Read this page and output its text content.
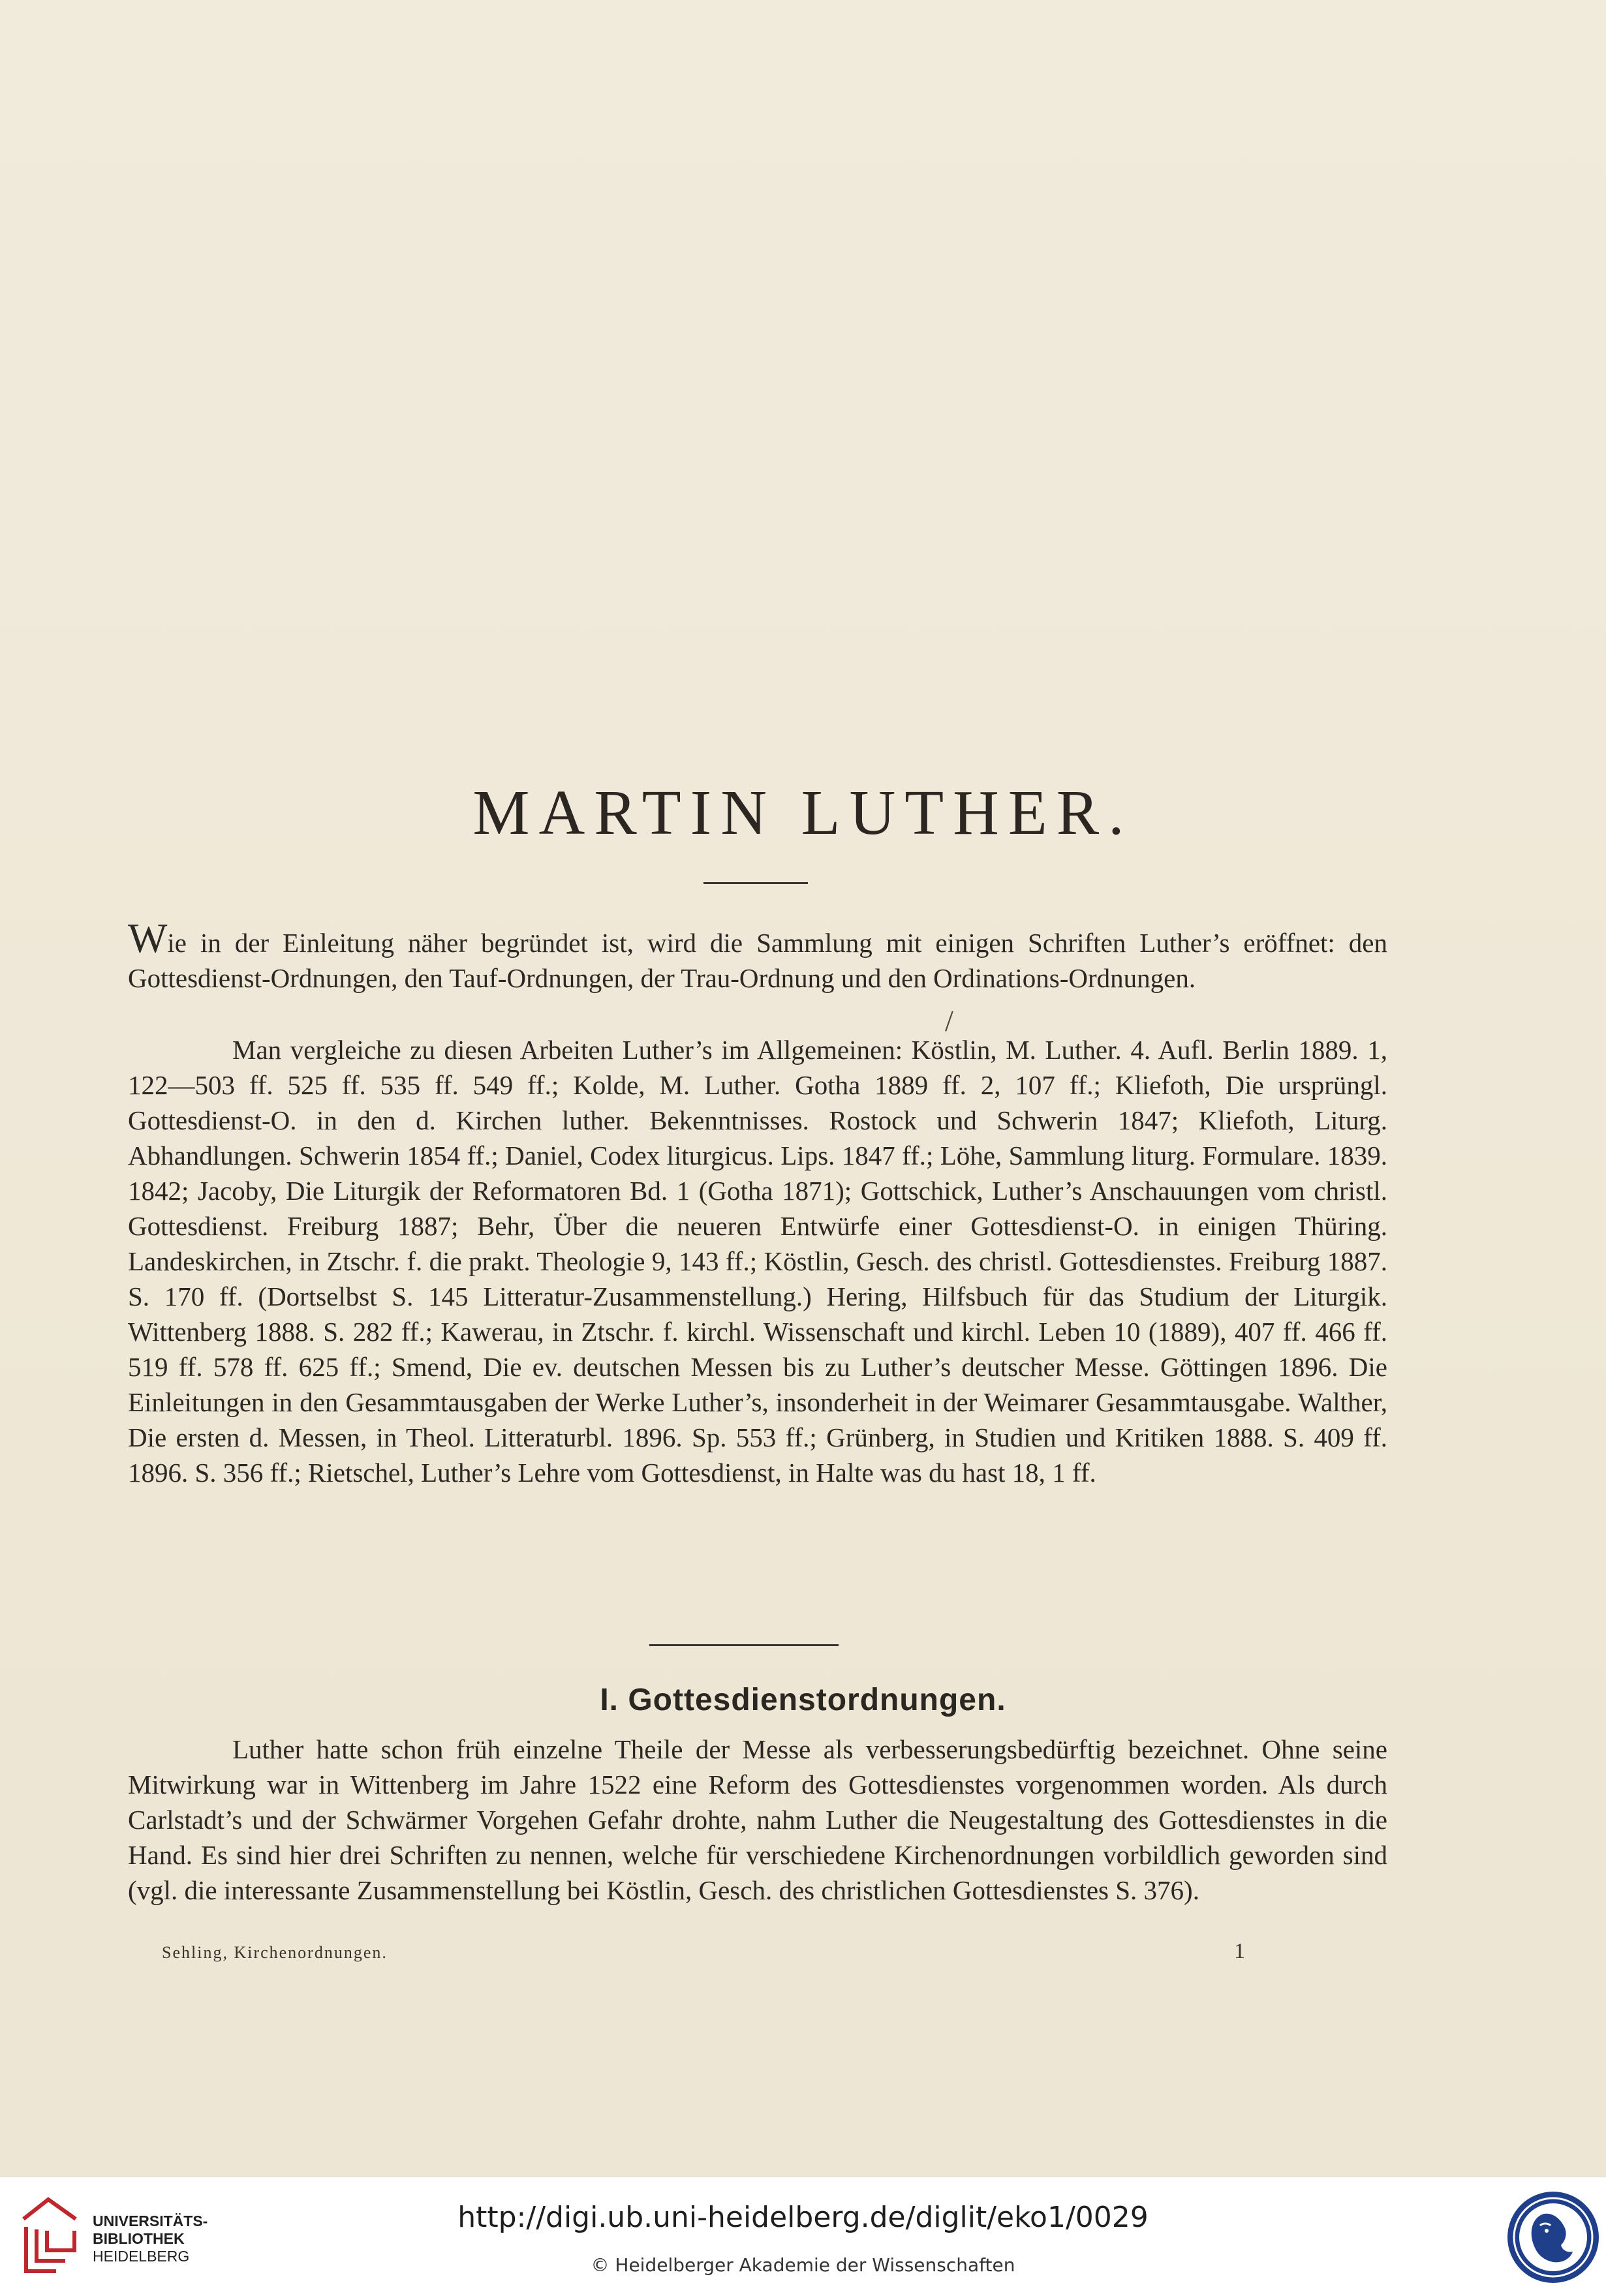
MARTIN LUTHER.

Wie in der Einleitung näher begründet ist, wird die Sammlung mit einigen Schriften Luther’s eröffnet: den Gottesdienst-Ordnungen, den Tauf-Ordnungen, der Trau-Ordnung und den Ordinations-Ordnungen.

Man vergleiche zu diesen Arbeiten Luther’s im Allgemeinen: Köstlin, M. Luther. 4. Aufl. Berlin 1889. 1, 122—503 ff. 525 ff. 535 ff. 549 ff.; Kolde, M. Luther. Gotha 1889 ff. 2, 107 ff.; Kliefoth, Die ursprüngl. Gottesdienst-O. in den d. Kirchen luther. Bekenntnisses. Rostock und Schwerin 1847; Kliefoth, Liturg. Abhandlungen. Schwerin 1854 ff.; Daniel, Codex liturgicus. Lips. 1847 ff.; Löhe, Sammlung liturg. Formulare. 1839. 1842; Jacoby, Die Liturgik der Reformatoren Bd. 1 (Gotha 1871); Gottschick, Luther’s Anschauungen vom christl. Gottesdienst. Freiburg 1887; Behr, Über die neueren Entwürfe einer Gottesdienst-O. in einigen Thüring. Landeskirchen, in Ztschr. f. die prakt. Theologie 9, 143 ff.; Köstlin, Gesch. des christl. Gottesdienstes. Freiburg 1887. S. 170 ff. (Dortselbst S. 145 Litteratur-Zusammenstellung.) Hering, Hilfsbuch für das Studium der Liturgik. Wittenberg 1888. S. 282 ff.; Kawerau, in Ztschr. f. kirchl. Wissenschaft und kirchl. Leben 10 (1889), 407 ff. 466 ff. 519 ff. 578 ff. 625 ff.; Smend, Die ev. deutschen Messen bis zu Luther’s deutscher Messe. Göttingen 1896. Die Einleitungen in den Gesammtausgaben der Werke Luther’s, insonderheit in der Weimarer Gesammtausgabe. Walther, Die ersten d. Messen, in Theol. Litteraturbl. 1896. Sp. 553 ff.; Grünberg, in Studien und Kritiken 1888. S. 409 ff. 1896. S. 356 ff.; Rietschel, Luther’s Lehre vom Gottesdienst, in Halte was du hast 18, 1 ff.

/
I. Gottesdienstordnungen.

Luther hatte schon früh einzelne Theile der Messe als verbesserungsbedürftig bezeichnet. Ohne seine Mitwirkung war in Wittenberg im Jahre 1522 eine Reform des Gottesdienstes vorgenommen worden. Als durch Carlstadt’s und der Schwärmer Vorgehen Gefahr drohte, nahm Luther die Neugestaltung des Gottesdienstes in die Hand. Es sind hier drei Schriften zu nennen, welche für verschiedene Kirchenordnungen vorbildlich geworden sind (vgl. die interessante Zusammenstellung bei Köstlin, Gesch. des christlichen Gottesdienstes S. 376).

Sehling, Kirchenordnungen.	1
UNIVERSITÄTS-
BIBLIOTHEK
HEIDELBERG
http://digi.ub.uni-heidelberg.de/diglit/eko1/0029
© Heidelberger Akademie der Wissenschaften
